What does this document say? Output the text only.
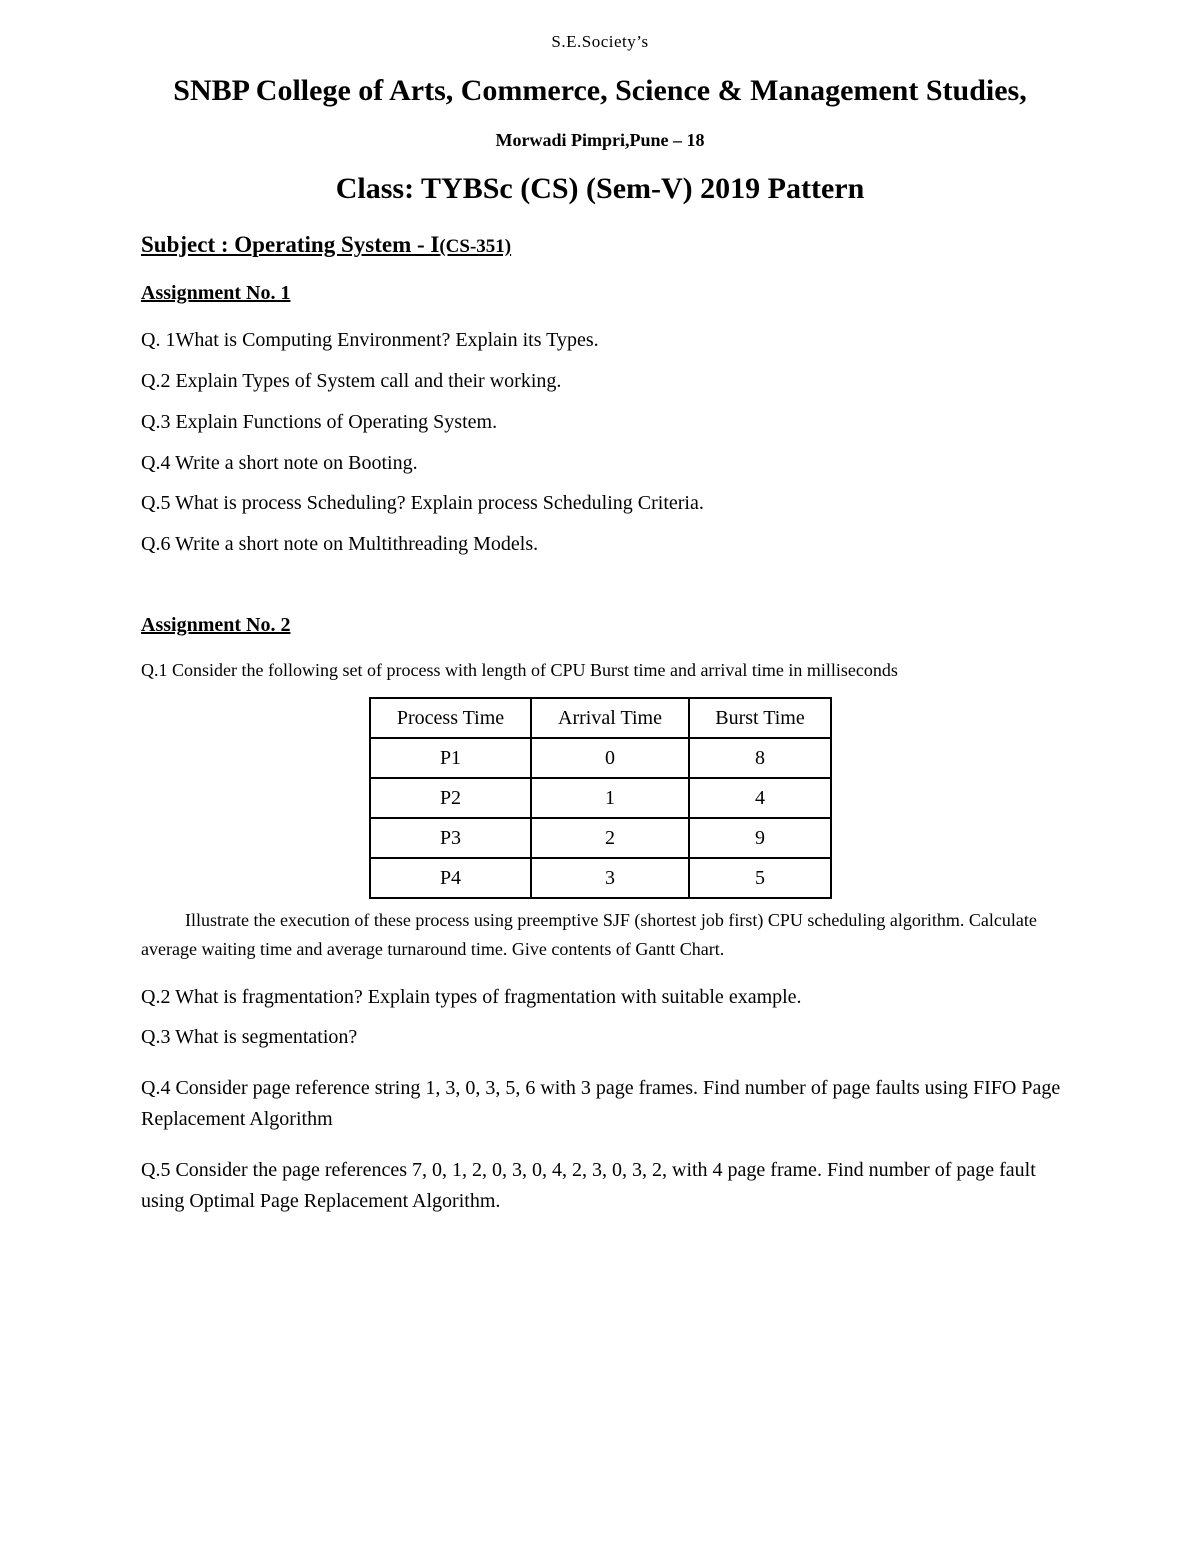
S.E.Society’s
SNBP College of Arts, Commerce, Science & Management Studies,
Morwadi Pimpri,Pune – 18
Class: TYBSc (CS) (Sem-V) 2019 Pattern
Subject : Operating System - I(CS-351)
Assignment No. 1
Q. 1What is Computing Environment? Explain its Types.
Q.2 Explain Types of System call and their working.
Q.3 Explain Functions of Operating System.
Q.4 Write a short note on Booting.
Q.5 What is process Scheduling? Explain process Scheduling Criteria.
Q.6 Write a short note on Multithreading Models.
Assignment No. 2
Q.1 Consider the following set of process with length of CPU Burst time and arrival time in milliseconds
Process Time	Arrival Time	Burst Time
P1	0	8
P2	1	4
P3	2	9
P4	3	5
Illustrate the execution of these process using preemptive SJF (shortest job first) CPU scheduling algorithm. Calculate average waiting time and average turnaround time. Give contents of Gantt Chart.
Q.2 What is fragmentation? Explain types of fragmentation with suitable example.
Q.3 What is segmentation?
Q.4 Consider page reference string 1, 3, 0, 3, 5, 6 with 3 page frames. Find number of page faults using FIFO Page Replacement Algorithm
Q.5 Consider the page references 7, 0, 1, 2, 0, 3, 0, 4, 2, 3, 0, 3, 2, with 4 page frame. Find number of page fault using Optimal Page Replacement Algorithm.
